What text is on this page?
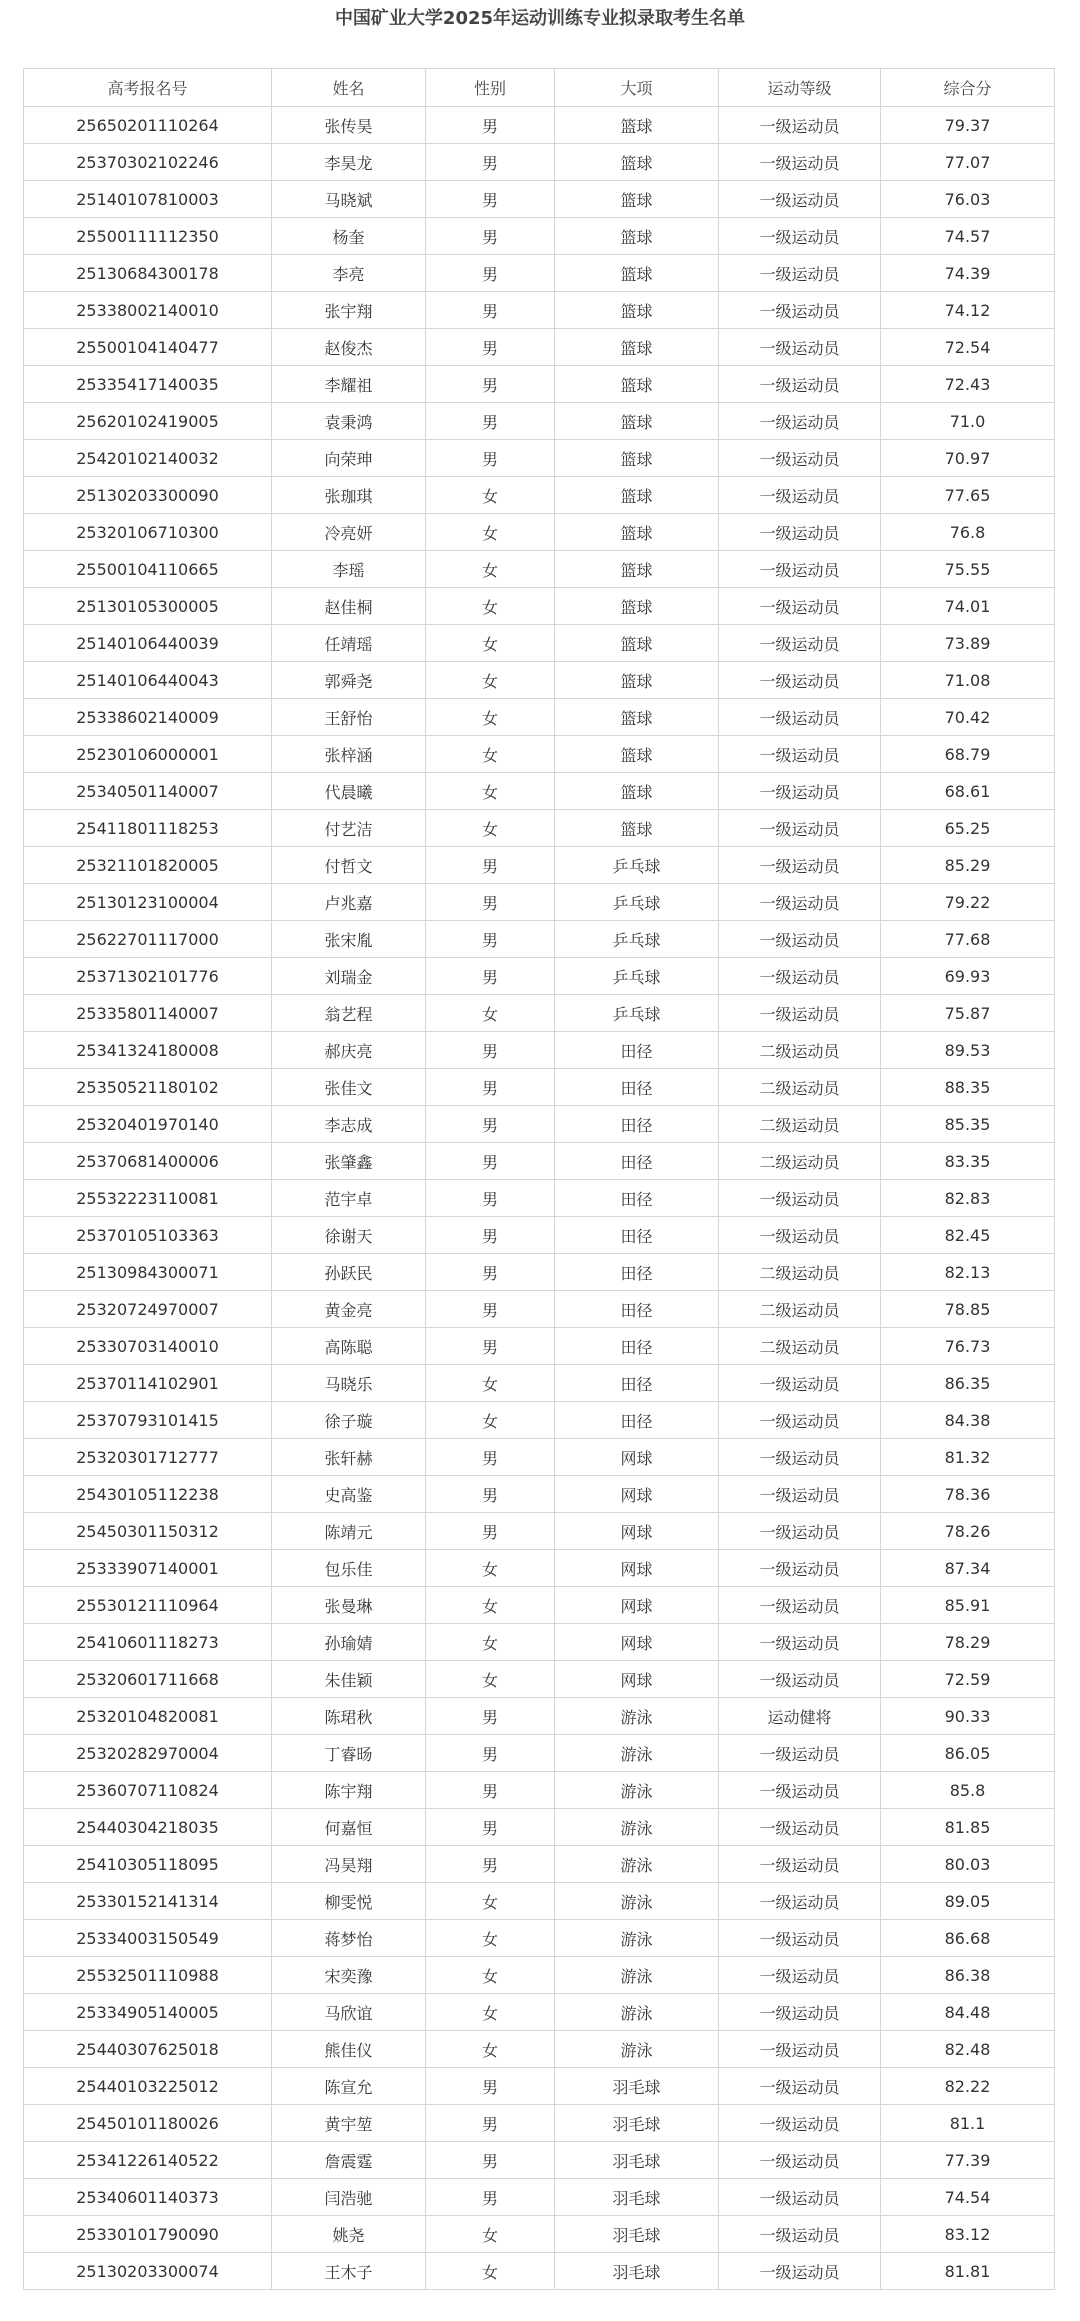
中国矿业大学2025年运动训练专业拟录取考生名单
高考报名号	姓名	性别	大项	运动等级	综合分
25650201110264	张传昊	男	篮球	一级运动员	79.37
25370302102246	李昊龙	男	篮球	一级运动员	77.07
25140107810003	马晓斌	男	篮球	一级运动员	76.03
25500111112350	杨奎	男	篮球	一级运动员	74.57
25130684300178	李亮	男	篮球	一级运动员	74.39
25338002140010	张宇翔	男	篮球	一级运动员	74.12
25500104140477	赵俊杰	男	篮球	一级运动员	72.54
25335417140035	李耀祖	男	篮球	一级运动员	72.43
25620102419005	袁秉鸿	男	篮球	一级运动员	71.0
25420102140032	向荣珅	男	篮球	一级运动员	70.97
25130203300090	张珈琪	女	篮球	一级运动员	77.65
25320106710300	冷亮妍	女	篮球	一级运动员	76.8
25500104110665	李瑶	女	篮球	一级运动员	75.55
25130105300005	赵佳桐	女	篮球	一级运动员	74.01
25140106440039	任靖瑶	女	篮球	一级运动员	73.89
25140106440043	郭舜尧	女	篮球	一级运动员	71.08
25338602140009	王舒怡	女	篮球	一级运动员	70.42
25230106000001	张梓涵	女	篮球	一级运动员	68.79
25340501140007	代晨曦	女	篮球	一级运动员	68.61
25411801118253	付艺洁	女	篮球	一级运动员	65.25
25321101820005	付哲文	男	乒乓球	一级运动员	85.29
25130123100004	卢兆嘉	男	乒乓球	一级运动员	79.22
25622701117000	张宋胤	男	乒乓球	一级运动员	77.68
25371302101776	刘瑞金	男	乒乓球	一级运动员	69.93
25335801140007	翁艺程	女	乒乓球	一级运动员	75.87
25341324180008	郝庆亮	男	田径	二级运动员	89.53
25350521180102	张佳文	男	田径	二级运动员	88.35
25320401970140	李志成	男	田径	二级运动员	85.35
25370681400006	张肇鑫	男	田径	二级运动员	83.35
25532223110081	范宇卓	男	田径	一级运动员	82.83
25370105103363	徐谢天	男	田径	一级运动员	82.45
25130984300071	孙跃民	男	田径	二级运动员	82.13
25320724970007	黄金亮	男	田径	二级运动员	78.85
25330703140010	高陈聪	男	田径	二级运动员	76.73
25370114102901	马晓乐	女	田径	一级运动员	86.35
25370793101415	徐子璇	女	田径	一级运动员	84.38
25320301712777	张轩赫	男	网球	一级运动员	81.32
25430105112238	史高鉴	男	网球	一级运动员	78.36
25450301150312	陈靖元	男	网球	一级运动员	78.26
25333907140001	包乐佳	女	网球	一级运动员	87.34
25530121110964	张曼琳	女	网球	一级运动员	85.91
25410601118273	孙瑜婧	女	网球	一级运动员	78.29
25320601711668	朱佳颖	女	网球	一级运动员	72.59
25320104820081	陈珺秋	男	游泳	运动健将	90.33
25320282970004	丁睿旸	男	游泳	一级运动员	86.05
25360707110824	陈宇翔	男	游泳	一级运动员	85.8
25440304218035	何嘉恒	男	游泳	一级运动员	81.85
25410305118095	冯昊翔	男	游泳	一级运动员	80.03
25330152141314	柳雯悦	女	游泳	一级运动员	89.05
25334003150549	蒋梦怡	女	游泳	一级运动员	86.68
25532501110988	宋奕豫	女	游泳	一级运动员	86.38
25334905140005	马欣谊	女	游泳	一级运动员	84.48
25440307625018	熊佳仪	女	游泳	一级运动员	82.48
25440103225012	陈宣允	男	羽毛球	一级运动员	82.22
25450101180026	黄宇堃	男	羽毛球	一级运动员	81.1
25341226140522	詹震霆	男	羽毛球	一级运动员	77.39
25340601140373	闫浩驰	男	羽毛球	一级运动员	74.54
25330101790090	姚尧	女	羽毛球	一级运动员	83.12
25130203300074	王木子	女	羽毛球	一级运动员	81.81
